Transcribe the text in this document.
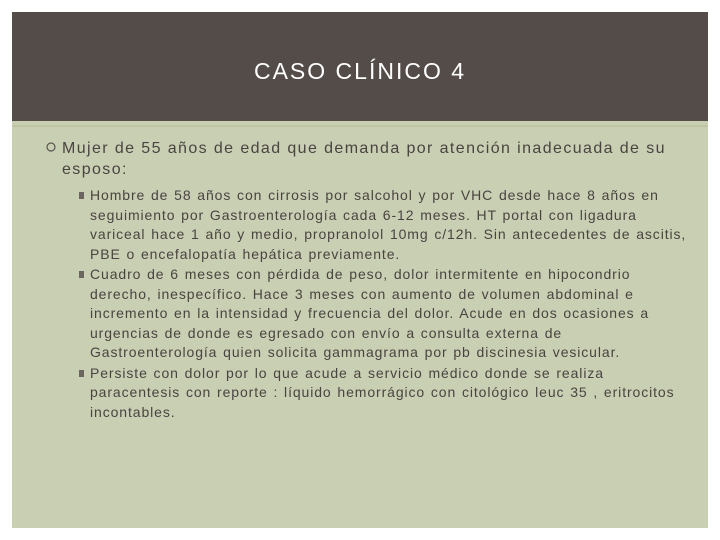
CASO CLÍNICO 4
Mujer de 55 años de edad que demanda por atención inadecuada de su esposo:
Hombre de 58 años con cirrosis por salcohol y por VHC desde hace 8 años en seguimiento por Gastroenterología cada 6-12 meses. HT portal con ligadura variceal hace 1 año y medio, propranolol 10mg c/12h. Sin antecedentes de ascitis, PBE o encefalopatía hepática previamente.
Cuadro de 6 meses con pérdida de peso, dolor intermitente en hipocondrio derecho, inespecífico. Hace 3 meses con aumento de volumen abdominal e incremento en la intensidad y frecuencia del dolor. Acude en dos ocasiones a urgencias de donde es egresado con envío a consulta externa de Gastroenterología quien solicita gammagrama por pb discinesia vesicular.
Persiste con dolor por lo que acude a servicio médico donde se realiza paracentesis con reporte : líquido hemorrágico con citológico leuc 35 , eritrocitos incontables.
